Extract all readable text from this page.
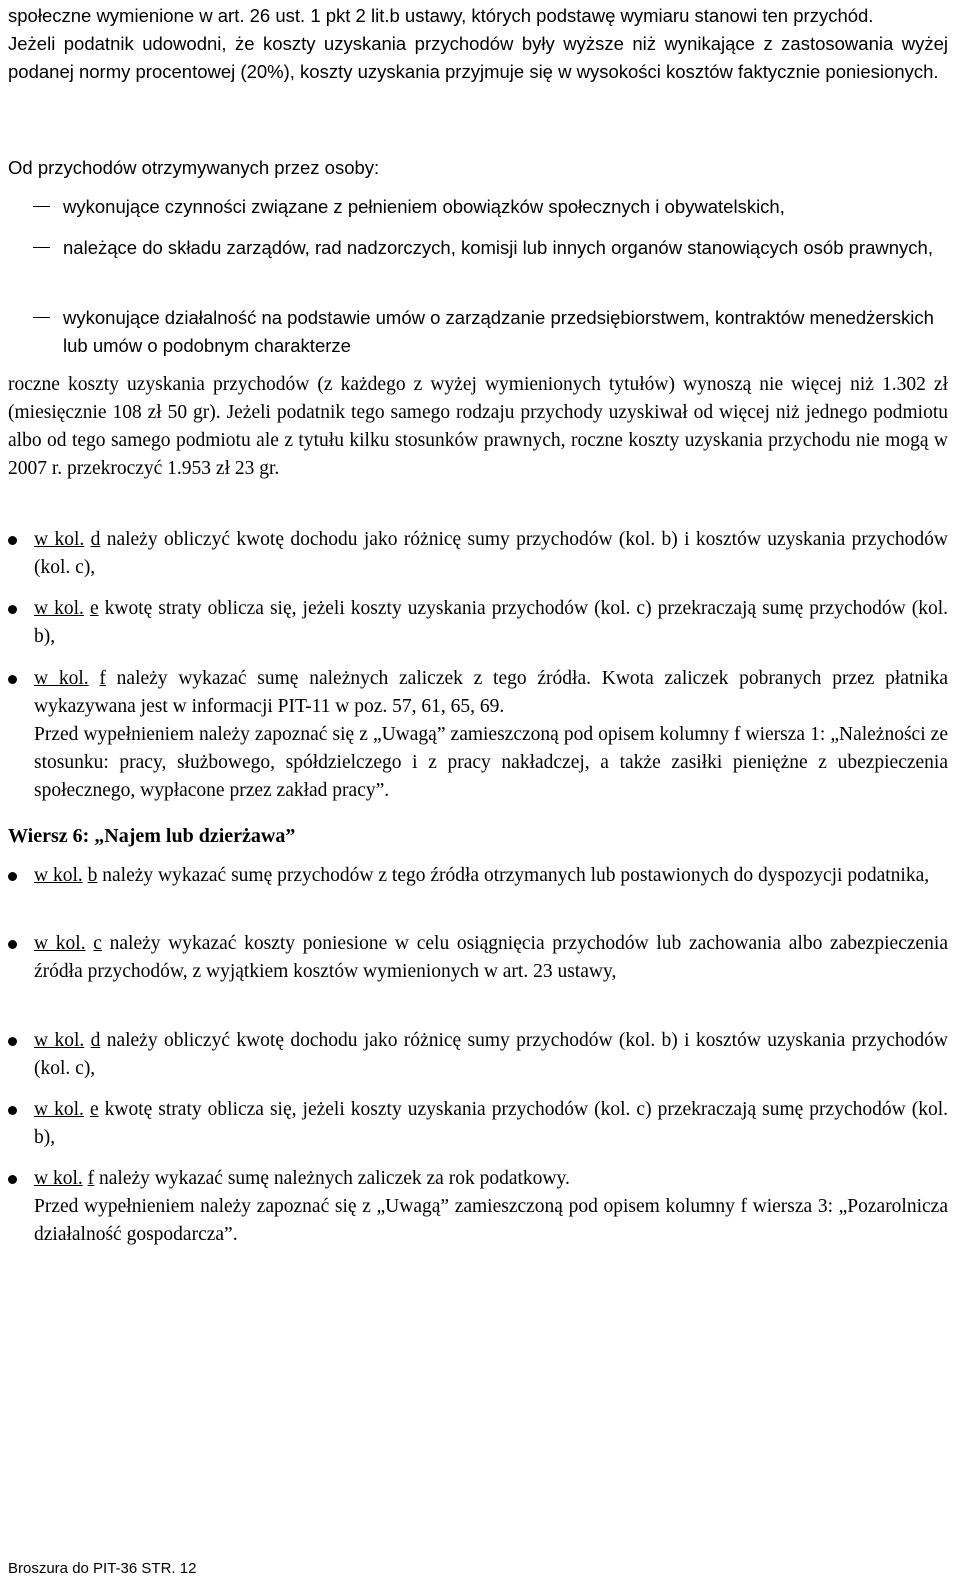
społeczne wymienione w art. 26 ust. 1 pkt 2 lit.b ustawy, których podstawę wymiaru stanowi ten przychód.

Jeżeli podatnik udowodni, że koszty uzyskania przychodów były wyższe niż wynikające z zastosowania wyżej podanej normy procentowej (20%), koszty uzyskania przyjmuje się w wysokości kosztów faktycznie poniesionych.

Od przychodów otrzymywanych przez osoby:

wykonujące czynności związane z pełnieniem obowiązków społecznych i obywatelskich,

należące do składu zarządów, rad nadzorczych, komisji lub innych organów stanowiących osób prawnych,

wykonujące działalność na podstawie umów o zarządzanie przedsiębiorstwem, kontraktów menedżerskich lub umów o podobnym charakterze

roczne koszty uzyskania przychodów (z każdego z wyżej wymienionych tytułów) wynoszą nie więcej niż 1.302 zł (miesięcznie 108 zł 50 gr). Jeżeli podatnik tego samego rodzaju przychody uzyskiwał od więcej niż jednego podmiotu albo od tego samego podmiotu ale z tytułu kilku stosunków prawnych, roczne koszty uzyskania przychodu nie mogą w 2007 r. przekroczyć 1.953 zł 23 gr.

w kol. d należy obliczyć kwotę dochodu jako różnicę sumy przychodów (kol. b) i kosztów uzyskania przychodów (kol. c),

w kol. e kwotę straty oblicza się, jeżeli koszty uzyskania przychodów (kol. c) przekraczają sumę przychodów (kol. b),

w kol. f należy wykazać sumę należnych zaliczek z tego źródła. Kwota zaliczek pobranych przez płatnika wykazywana jest w informacji PIT-11 w poz. 57, 61, 65, 69.

Przed wypełnieniem należy zapoznać się z „Uwagą” zamieszczoną pod opisem kolumny f wiersza 1: „Należności ze stosunku: pracy, służbowego, spółdzielczego i z pracy nakładczej, a także zasiłki pieniężne z ubezpieczenia społecznego, wypłacone przez zakład pracy”.

Wiersz 6: „Najem lub dzierżawa”

w kol. b należy wykazać sumę przychodów z tego źródła otrzymanych lub postawionych do dyspozycji podatnika,

w kol. c należy wykazać koszty poniesione w celu osiągnięcia przychodów lub zachowania albo zabezpieczenia źródła przychodów, z wyjątkiem kosztów wymienionych w art. 23 ustawy,

w kol. d należy obliczyć kwotę dochodu jako różnicę sumy przychodów (kol. b) i kosztów uzyskania przychodów (kol. c),

w kol. e kwotę straty oblicza się, jeżeli koszty uzyskania przychodów (kol. c) przekraczają sumę przychodów (kol. b),

w kol. f należy wykazać sumę należnych zaliczek za rok podatkowy.

Przed wypełnieniem należy zapoznać się z „Uwagą” zamieszczoną pod opisem kolumny f wiersza 3: „Pozarolnicza działalność gospodarcza”.

Broszura do PIT-36 STR. 12
